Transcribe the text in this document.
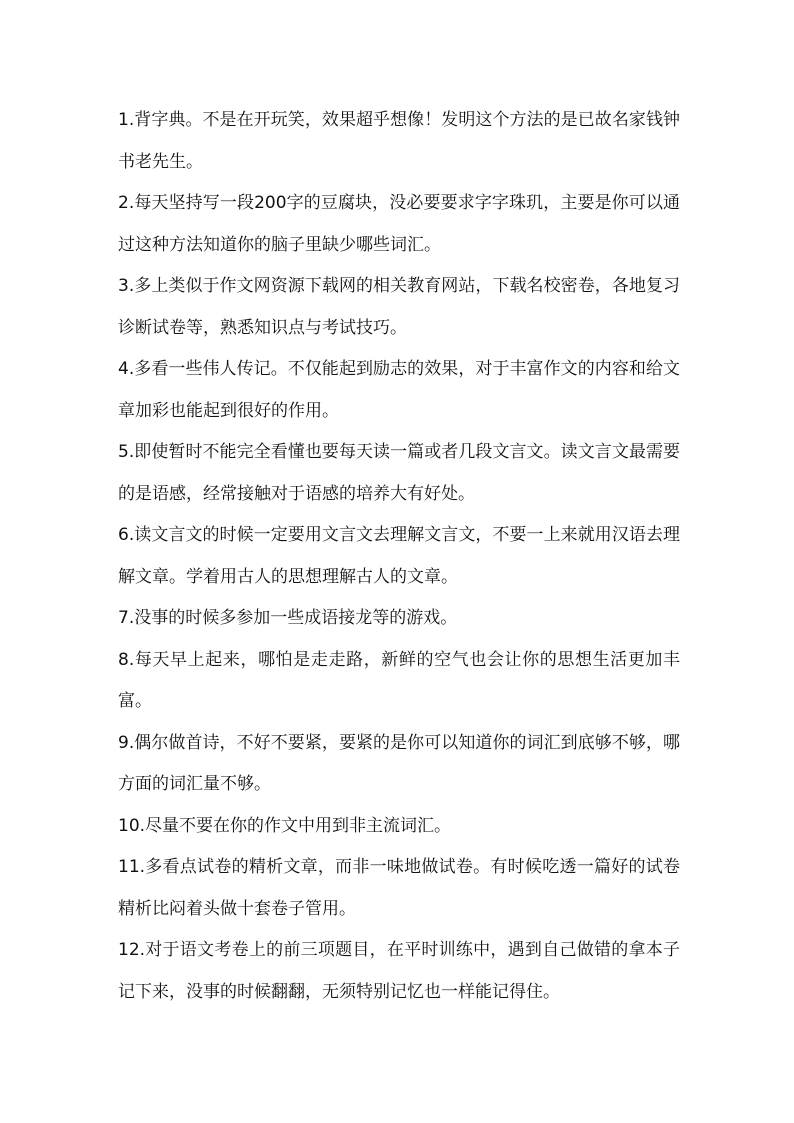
1.背字典。不是在开玩笑，效果超乎想像！发明这个方法的是已故名家钱钟书老先生。

2.每天坚持写一段200字的豆腐块，没必要要求字字珠玑，主要是你可以通过这种方法知道你的脑子里缺少哪些词汇。

3.多上类似于作文网资源下载网的相关教育网站，下载名校密卷，各地复习诊断试卷等，熟悉知识点与考试技巧。

4.多看一些伟人传记。不仅能起到励志的效果，对于丰富作文的内容和给文章加彩也能起到很好的作用。

5.即使暂时不能完全看懂也要每天读一篇或者几段文言文。读文言文最需要的是语感，经常接触对于语感的培养大有好处。

6.读文言文的时候一定要用文言文去理解文言文，不要一上来就用汉语去理解文章。学着用古人的思想理解古人的文章。

7.没事的时候多参加一些成语接龙等的游戏。

8.每天早上起来，哪怕是走走路，新鲜的空气也会让你的思想生活更加丰富。

9.偶尔做首诗，不好不要紧，要紧的是你可以知道你的词汇到底够不够，哪方面的词汇量不够。

10.尽量不要在你的作文中用到非主流词汇。

11.多看点试卷的精析文章，而非一味地做试卷。有时候吃透一篇好的试卷精析比闷着头做十套卷子管用。

12.对于语文考卷上的前三项题目，在平时训练中，遇到自己做错的拿本子记下来，没事的时候翻翻，无须特别记忆也一样能记得住。
